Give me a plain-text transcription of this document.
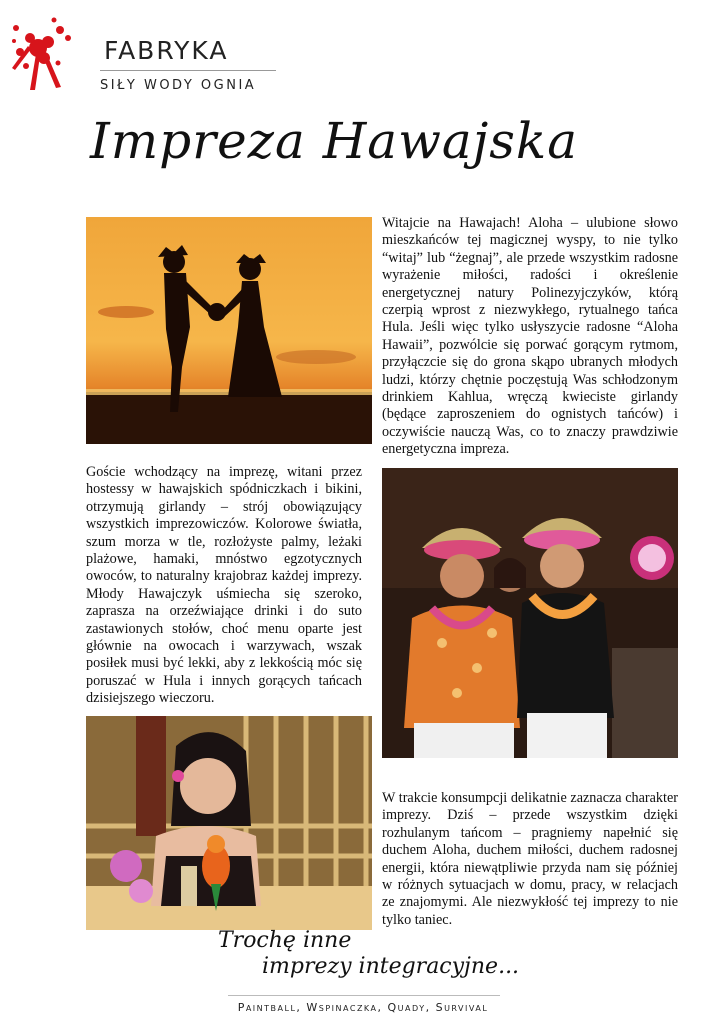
FABRYKA
SIŁY WODY OGNIA
Impreza Hawajska
Witajcie na Hawajach! Aloha – ulubione słowo mieszkańców tej magicznej wyspy, to nie tylko “witaj” lub “żegnaj”, ale przede wszystkim radosne wyrażenie miłości, radości i określenie energetycznej natury Polinezyjczyków, którą czerpią wprost z niezwykłego, rytualnego tańca Hula. Jeśli więc tylko usłyszycie radosne “Aloha Hawaii”, pozwólcie się porwać gorącym rytmom, przyłączcie się do grona skąpo ubranych młodych ludzi, którzy chętnie poczęstują Was schłodzonym drinkiem Kahlua, wręczą kwieciste girlandy (będące zaproszeniem do ognistych tańców) i oczywiście nauczą Was, co to znaczy prawdziwie energetyczna impreza.
Goście wchodzący na imprezę, witani przez hostessy w hawajskich spódniczkach i bikini, otrzymują girlandy – strój obowiązujący wszystkich imprezowiczów. Kolorowe światła, szum morza w tle, rozłożyste palmy, leżaki plażowe, hamaki, mnóstwo egzotycznych owoców, to naturalny krajobraz każdej imprezy. Młody Hawajczyk uśmiecha się szeroko, zaprasza na orzeźwiające drinki i do suto zastawionych stołów, choć menu oparte jest głównie na owocach i warzywach, wszak posiłek musi być lekki, aby z lekkością móc się poruszać w Hula i innych gorących tańcach dzisiejszego wieczoru.
W trakcie konsumpcji delikatnie zaznacza charakter imprezy. Dziś – przede wszystkim dzięki rozhulanym tańcom – pragniemy napełnić się duchem Aloha, duchem miłości, duchem radosnej energii, która niewątpliwie przyda nam się później w różnych sytuacjach w domu, pracy, w relacjach ze znajomymi. Ale niezwykłość tej imprezy to nie tylko taniec.
Trochę inne
imprezy integracyjne...
Paintball, Wspinaczka, Quady, Survival
